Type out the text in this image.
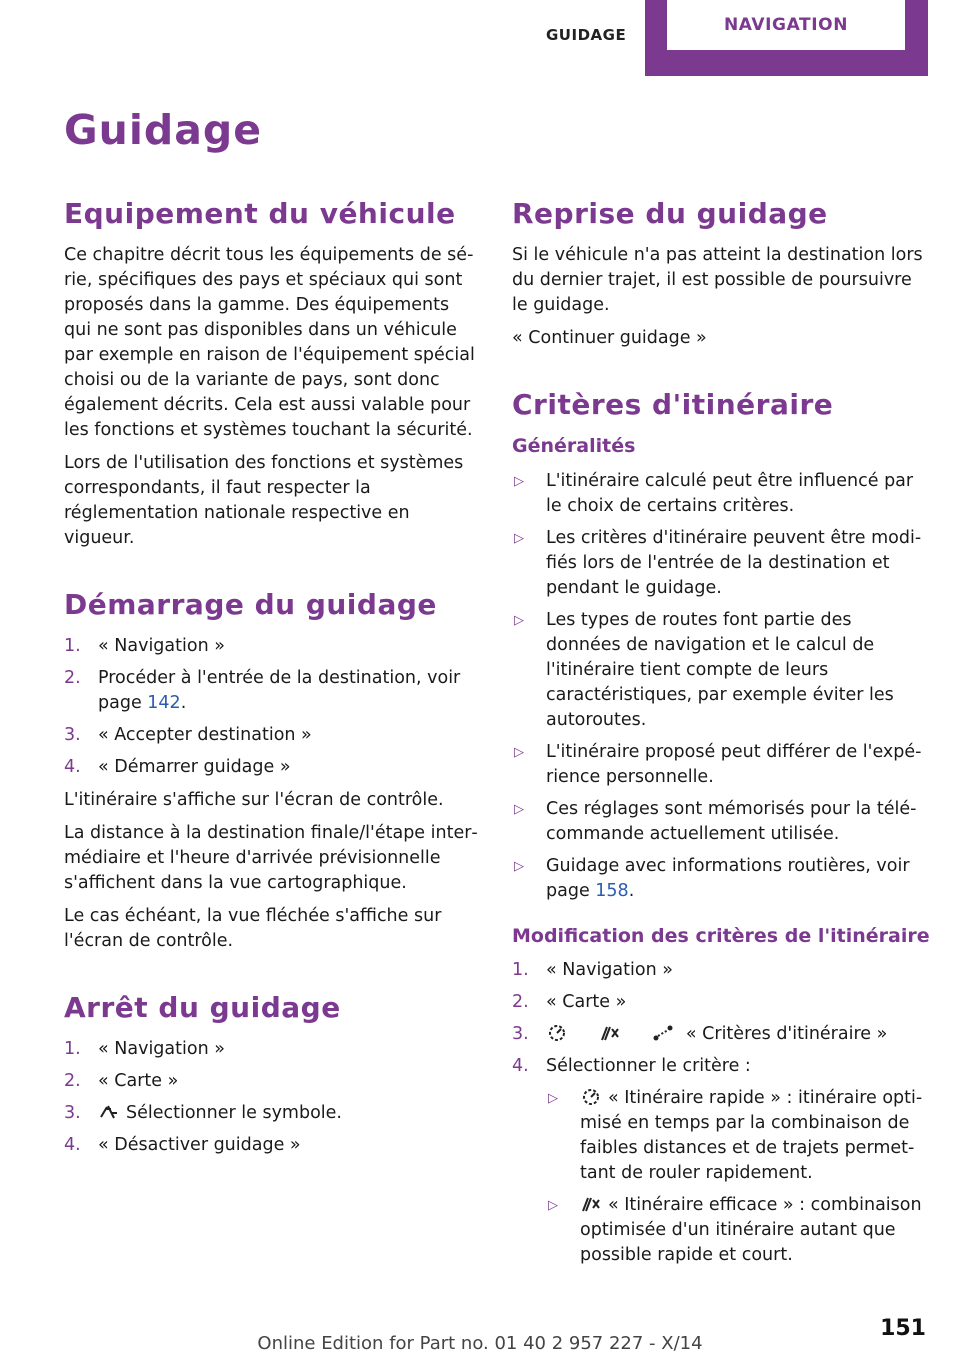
GUIDAGE	NAVIGATION
Guidage
Equipement du véhicule

Ce chapitre décrit tous les équipements de série, spécifiques des pays et spéciaux qui sont proposés dans la gamme. Des équipements qui ne sont pas disponibles dans un véhicule par exemple en raison de l'équipement spécial choisi ou de la variante de pays, sont donc également décrits. Cela est aussi valable pour les fonctions et systèmes touchant la sécurité.

Lors de l'utilisation des fonctions et systèmes correspondants, il faut respecter la réglementation nationale respective en vigueur.

Démarrage du guidage
1. « Navigation »
2. Procéder à l'entrée de la destination, voir page 142.
3. « Accepter destination »
4. « Démarrer guidage »

L'itinéraire s'affiche sur l'écran de contrôle.

La distance à la destination finale/l'étape intermédiaire et l'heure d'arrivée prévisionnelle s'affichent dans la vue cartographique.

Le cas échéant, la vue fléchée s'affiche sur l'écran de contrôle.

Arrêt du guidage
1. « Navigation »
2. « Carte »
3.	Sélectionner le symbole.
4. « Désactiver guidage »
Reprise du guidage

Si le véhicule n'a pas atteint la destination lors du dernier trajet, il est possible de poursuivre le guidage.

« Continuer guidage »

Critères d'itinéraire
Généralités
▷ L'itinéraire calculé peut être influencé par le choix de certains critères.
▷ Les critères d'itinéraire peuvent être modifiés lors de l'entrée de la destination et pendant le guidage.
▷ Les types de routes font partie des données de navigation et le calcul de l'itinéraire tient compte de leurs caractéristiques, par exemple éviter les autoroutes.
▷ L'itinéraire proposé peut différer de l'expérience personnelle.
▷ Ces réglages sont mémorisés pour la télécommande actuellement utilisée.
▷ Guidage avec informations routières, voir page 158.
Modification des critères de l'itinéraire
1. « Navigation »
2. « Carte »
3.	« Critères d'itinéraire »
4. Sélectionner le critère :
▷	« Itinéraire rapide » : itinéraire optimisé en temps par la combinaison de faibles distances et de trajets permettant de rouler rapidement.
▷	« Itinéraire efficace » : combinaison optimisée d'un itinéraire autant que possible rapide et court.
151
Online Edition for Part no. 01 40 2 957 227 - X/14
